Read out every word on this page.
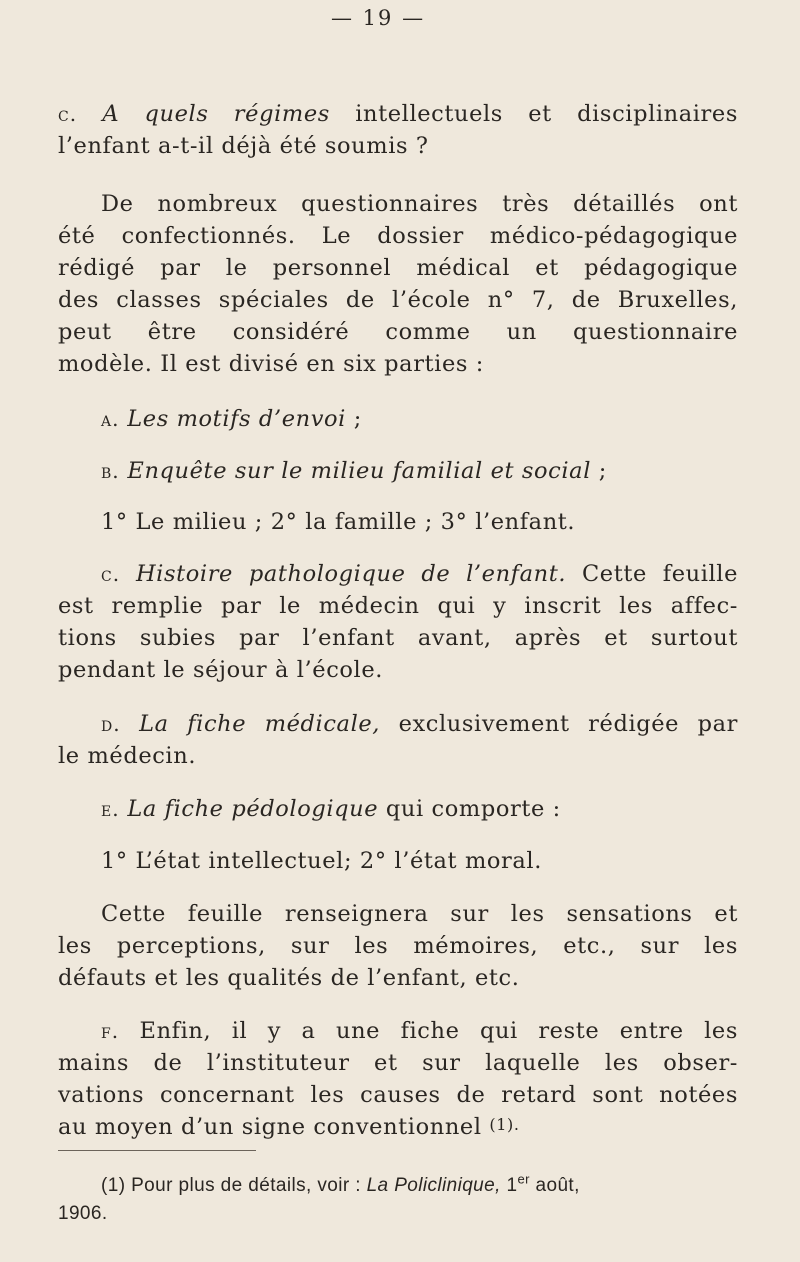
— 19 —
c. A quels régimes intellectuels et disciplinaires
l’enfant a-t-il déjà été soumis ?
De nombreux questionnaires très détaillés ont
été confectionnés. Le dossier médico-pédagogique
rédigé par le personnel médical et pédagogique
des classes spéciales de l’école n° 7, de Bruxelles,
peut être considéré comme un questionnaire
modèle. Il est divisé en six parties :
a. Les motifs d’envoi ;
b. Enquête sur le milieu familial et social ;
1° Le milieu ; 2° la famille ; 3° l’enfant.
c. Histoire pathologique de l’enfant. Cette feuille
est remplie par le médecin qui y inscrit les affec-
tions subies par l’enfant avant, après et surtout
pendant le séjour à l’école.
d. La fiche médicale, exclusivement rédigée par
le médecin.
e. La fiche pédologique qui comporte :
1° L’état intellectuel; 2° l’état moral.
Cette feuille renseignera sur les sensations et
les perceptions, sur les mémoires, etc., sur les
défauts et les qualités de l’enfant, etc.
f. Enfin, il y a une fiche qui reste entre les
mains de l’instituteur et sur laquelle les obser-
vations concernant les causes de retard sont notées
au moyen d’un signe conventionnel (1).
(1) Pour plus de détails, voir : La Policlinique, 1er août,
1906.
